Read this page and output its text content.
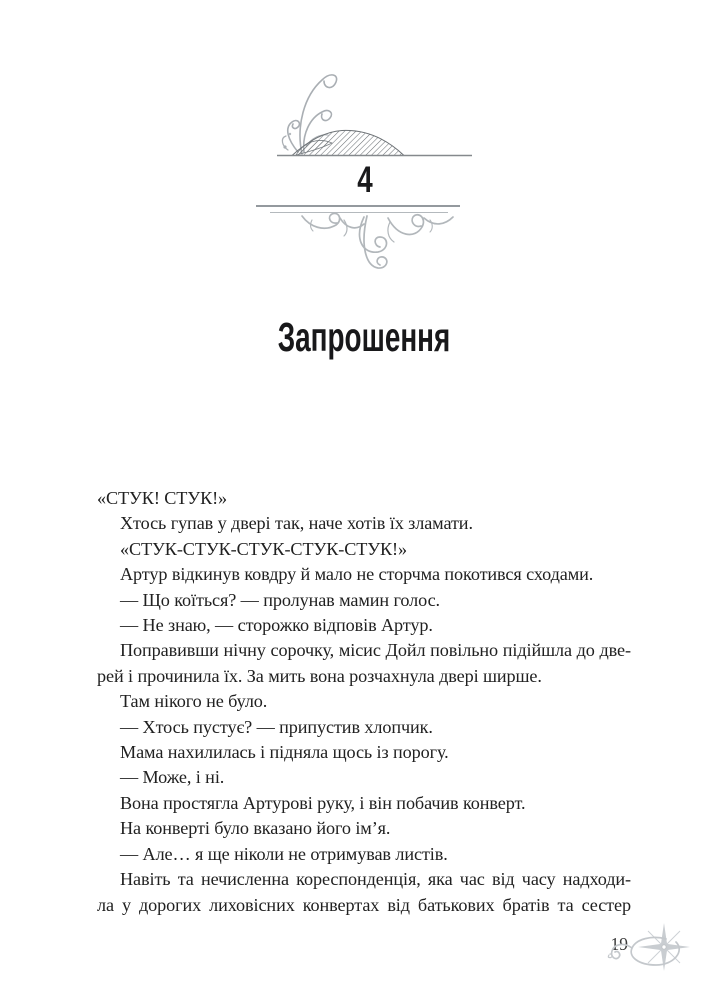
4
Запрошення
«СТУК! СТУК!»
Хтось гупав у двері так, наче хотів їх зламати.
«СТУК-СТУК-СТУК-СТУК-СТУК!»
Артур відкинув ковдру й мало не сторчма покотився сходами.
— Що коїться? — пролунав мамин голос.
— Не знаю, — сторожко відповів Артур.
Поправивши нічну сорочку, місис Дойл повільно підійшла до две-
рей і прочинила їх. За мить вона розчахнула двері ширше.
Там нікого не було.
— Хтось пустує? — припустив хлопчик.
Мама нахилилась і підняла щось із порогу.
— Може, і ні.
Вона простягла Артурові руку, і він побачив конверт.
На конверті було вказано його ім’я.
— Але… я ще ніколи не отримував листів.
Навіть та нечисленна кореспонденція, яка час від часу надходи-
ла у дорогих лиховісних конвертах від батькових братів та сестер
19
